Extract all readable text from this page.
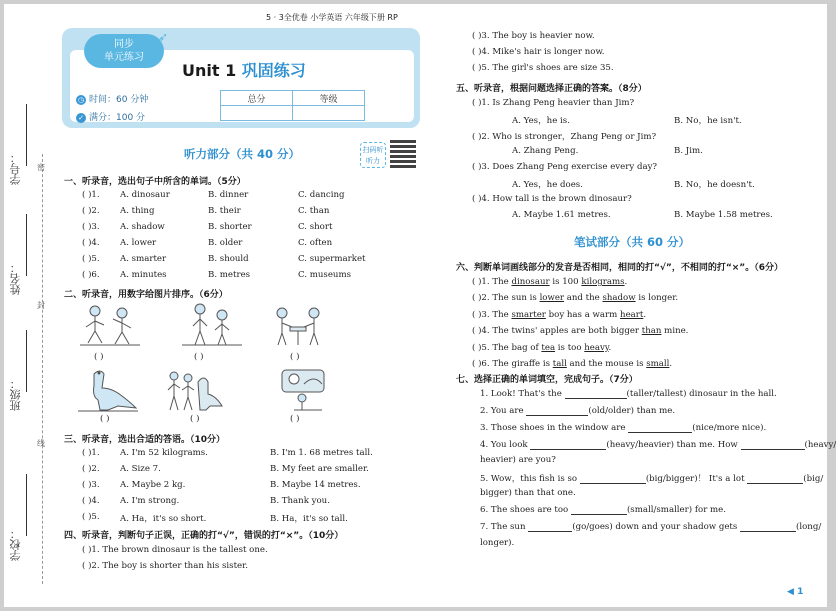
学号：
姓名：
班级：
学校：
密
封
线
同步
单元练习
➶
Unit 1 巩固练习
◷ 时间：60 分钟
✓ 满分：100 分
总分	等级

5 · 3全优卷 小学英语 六年级下册 RP
听力部分（共 40 分）	扫码听听力
一、听录音，选出句子中所含的单词。（5分）
二、听录音，用数字给图片排序。（6分）
( )	( )	( )
( )	( )	( )
三、听录音，选出合适的答语。（10分）
四、听录音，判断句子正误，正确的打“√”，错误的打“×”。（10分）
( )1. The brown dinosaur is the tallest one.
( )2. The boy is shorter than his sister.
( )3. The boy is heavier now.
( )4. Mike's hair is longer now.
( )5. The girl's shoes are size 35.
五、听录音，根据问题选择正确的答案。（8分）
笔试部分（共 60 分）
六、判断单词画线部分的发音是否相同，相同的打“√”，不相同的打“×”。（6分）
七、选择正确的单词填空，完成句子。（7分）
1. Look! That's the	(taller/tallest) dinosaur in the hall.
2. You are	(old/older) than me.
3. Those shoes in the window are	(nice/more nice).
4. You look	(heavy/heavier) than me. How	(heavy/
heavier) are you?
5. Wow，this fish is so	(big/bigger)！ It's a lot	(big/
bigger) than that one.
6. The shoes are too	(small/smaller) for me.
7. The sun	(go/goes) down and your shadow gets	(long/
longer).
◀ 1
( )1. A. dinosaur	B. dinner	C. dancing
( )2. A. thing	B. their	C. than
( )3. A. shadow	B. shorter	C. short
( )4. A. lower	B. older	C. often
( )5. A. smarter	B. should	C. supermarket
( )6. A. minutes	B. metres	C. museums
( )1. A. I'm 52 kilograms.	B. I'm 1. 68 metres tall.
( )2. A. Size 7.	B. My feet are smaller.
( )3. A. Maybe 2 kg.	B. Maybe 14 metres.
( )4. A. I'm strong.	B. Thank you.
( )5. A. Ha，it's so short.	B. Ha，it's so tall.
( )1. Is Zhang Peng heavier than Jim?
A. Yes，he is.	B. No，he isn't.
( )2. Who is stronger，Zhang Peng or Jim?
A. Zhang Peng.	B. Jim.
( )3. Does Zhang Peng exercise every day?
A. Yes，he does.	B. No，he doesn't.
( )4. How tall is the brown dinosaur?
A. Maybe 1.61 metres.	B. Maybe 1.58 metres.
( )1. The dinosaur is 100 kilograms.
( )2. The sun is lower and the shadow is longer.
( )3. The smarter boy has a warm heart.
( )4. The twins' apples are both bigger than mine.
( )5. The bag of tea is too heavy.
( )6. The giraffe is tall and the mouse is small.
